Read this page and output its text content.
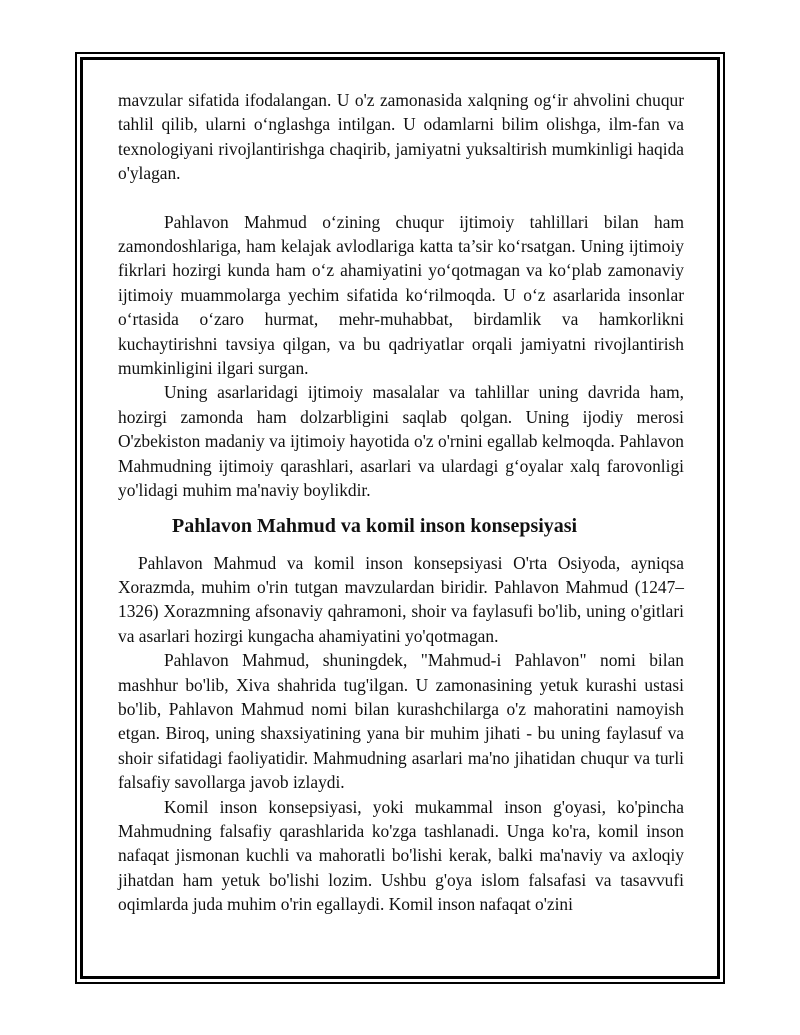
mavzular sifatida ifodalangan. U o'z zamonasida xalqning og‘ir ahvolini chuqur tahlil qilib, ularni o‘nglashga intilgan. U odamlarni bilim olishga, ilm-fan va texnologiyani rivojlantirishga chaqirib, jamiyatni yuksaltirish mumkinligi haqida o'ylagan.

Pahlavon Mahmud o‘zining chuqur ijtimoiy tahlillari bilan ham zamondoshlariga, ham kelajak avlodlariga katta ta’sir ko‘rsatgan. Uning ijtimoiy fikrlari hozirgi kunda ham o‘z ahamiyatini yo‘qotmagan va ko‘plab zamonaviy ijtimoiy muammolarga yechim sifatida ko‘rilmoqda. U o‘z asarlarida insonlar o‘rtasida o‘zaro hurmat, mehr-muhabbat, birdamlik va hamkorlikni kuchaytirishni tavsiya qilgan, va bu qadriyatlar orqali jamiyatni rivojlantirish mumkinligini ilgari surgan.

Uning asarlaridagi ijtimoiy masalalar va tahlillar uning davrida ham, hozirgi zamonda ham dolzarbligini saqlab qolgan. Uning ijodiy merosi O'zbekiston madaniy va ijtimoiy hayotida o'z o'rnini egallab kelmoqda. Pahlavon Mahmudning ijtimoiy qarashlari, asarlari va ulardagi g‘oyalar xalq farovonligi yo'lidagi muhim ma'naviy boylikdir.

Pahlavon Mahmud va komil inson konsepsiyasi

Pahlavon Mahmud va komil inson konsepsiyasi O'rta Osiyoda, ayniqsa Xorazmda, muhim o'rin tutgan mavzulardan biridir. Pahlavon Mahmud (1247–1326) Xorazmning afsonaviy qahramoni, shoir va faylasufi bo'lib, uning o'gitlari va asarlari hozirgi kungacha ahamiyatini yo'qotmagan.

Pahlavon Mahmud, shuningdek, "Mahmud-i Pahlavon" nomi bilan mashhur bo'lib, Xiva shahrida tug'ilgan. U zamonasining yetuk kurashi ustasi bo'lib, Pahlavon Mahmud nomi bilan kurashchilarga o'z mahoratini namoyish etgan. Biroq, uning shaxsiyatining yana bir muhim jihati - bu uning faylasuf va shoir sifatidagi faoliyatidir. Mahmudning asarlari ma'no jihatidan chuqur va turli falsafiy savollarga javob izlaydi.

Komil inson konsepsiyasi, yoki mukammal inson g'oyasi, ko'pincha Mahmudning falsafiy qarashlarida ko'zga tashlanadi. Unga ko'ra, komil inson nafaqat jismonan kuchli va mahoratli bo'lishi kerak, balki ma'naviy va axloqiy jihatdan ham yetuk bo'lishi lozim. Ushbu g'oya islom falsafasi va tasavvufi oqimlarda juda muhim o'rin egallaydi. Komil inson nafaqat o'zini
